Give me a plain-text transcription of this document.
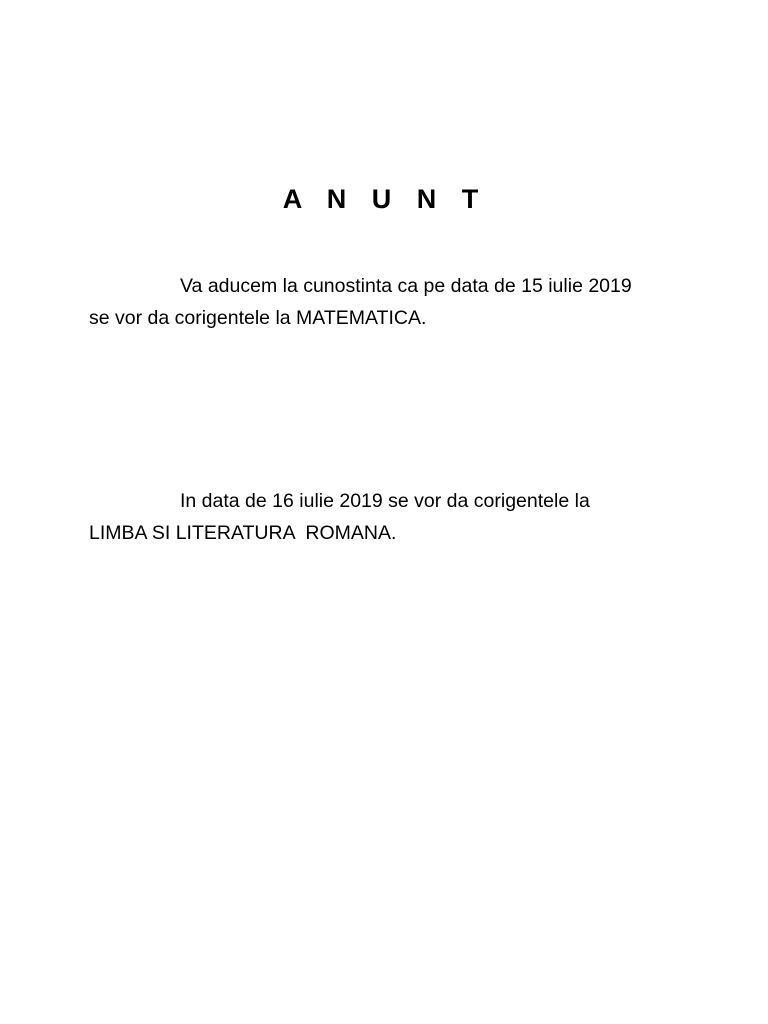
A N U N T
Va aducem la cunostinta ca pe data de 15 iulie 2019
se vor da corigentele la MATEMATICA.
In data de 16 iulie 2019 se vor da corigentele la
LIMBA SI LITERATURA  ROMANA.
